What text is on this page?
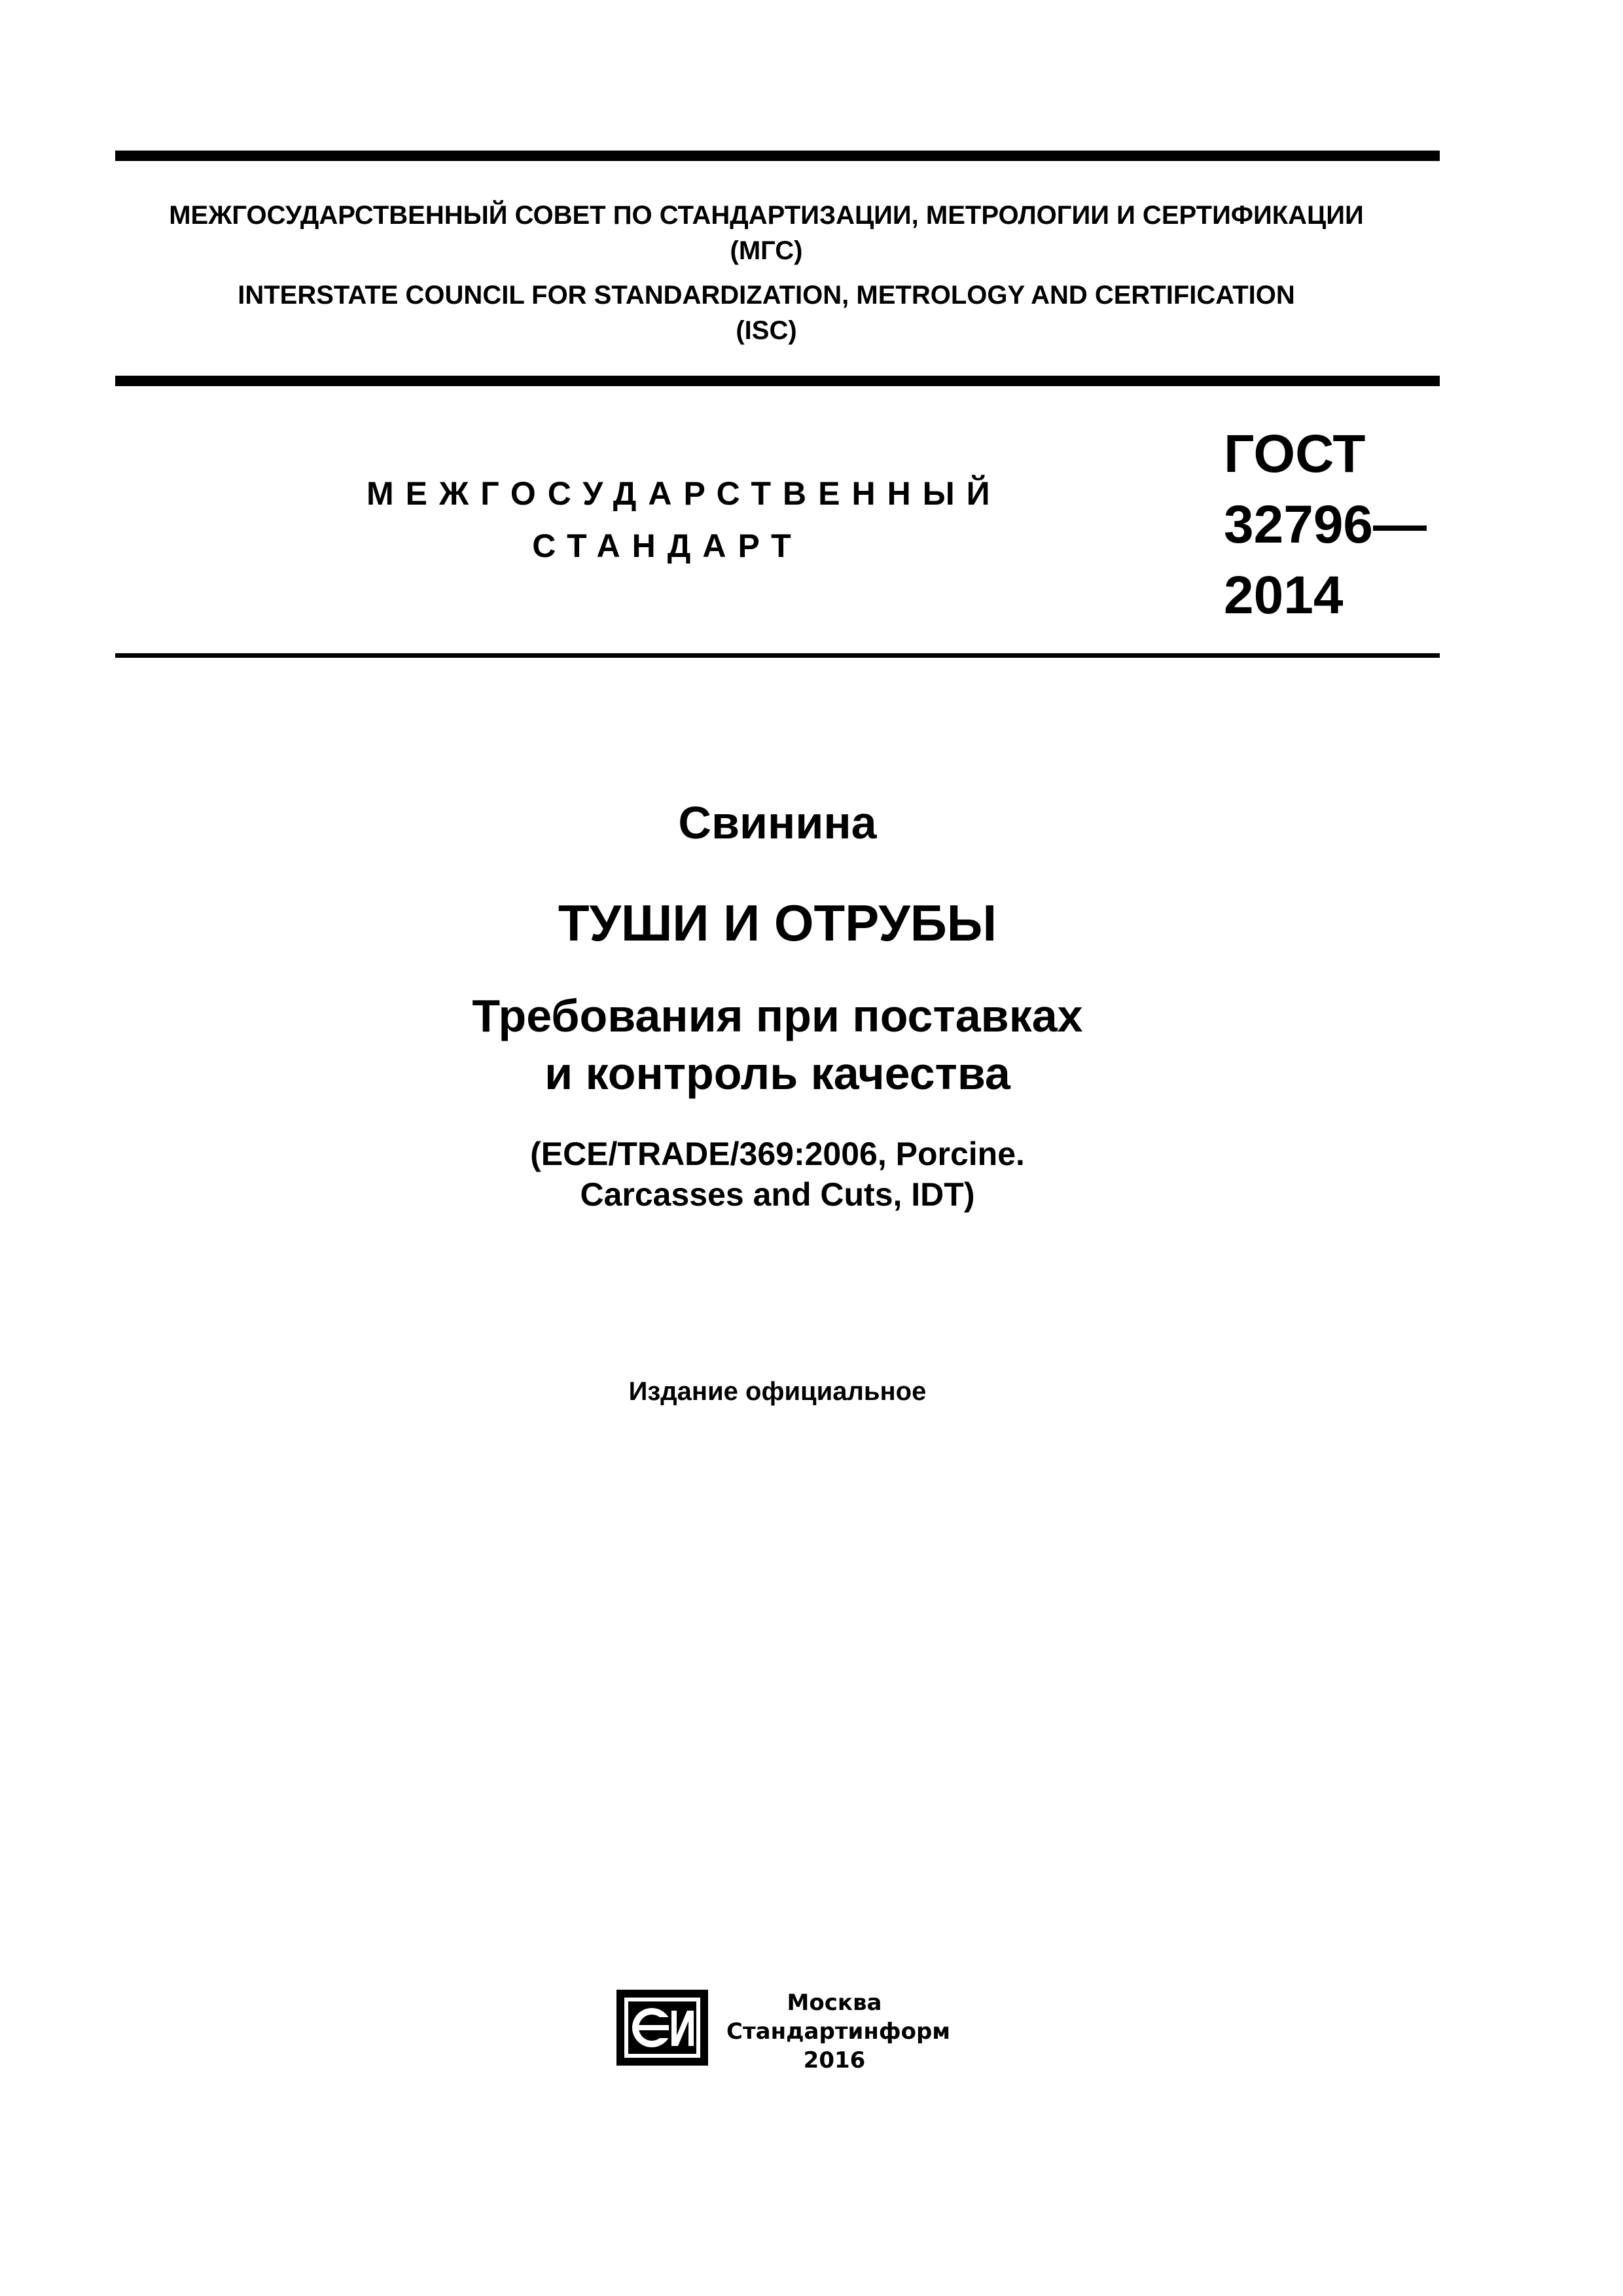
МЕЖГОСУДАРСТВЕННЫЙ СОВЕТ ПО СТАНДАРТИЗАЦИИ, МЕТРОЛОГИИ И СЕРТИФИКАЦИИ
(МГС)
INTERSTATE COUNCIL FOR STANDARDIZATION, METROLOGY AND CERTIFICATION
(ISC)
МЕЖГОСУДАРСТВЕННЫЙ
СТАНДАРТ
ГОСТ
32796—
2014
Свинина
ТУШИ И ОТРУБЫ
Требования при поставках
и контроль качества
(ECE/TRADE/369:2006, Porcine.
Carcasses and Cuts, IDT)
Издание официальное
Москва
Стандартинформ
2016
